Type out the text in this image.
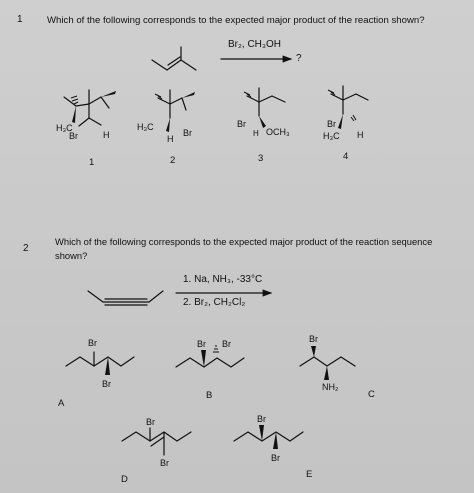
1	Which of the following corresponds to the expected major product of the reaction shown?
Br₂, CH₃OH
?
1	2	3	4
2
Which of the following corresponds to the expected major product of the reaction sequence
shown?
1. Na, NH₃, -33°C
2. Br₂, CH₂Cl₂
A
B	C
D	E
H₃C
Br	H
H₃C
H
Br
Br
H OCH₃
Br
H₃C H
Br
Br
Br Br	Br
NH₂
Br
Br
Br
Br
